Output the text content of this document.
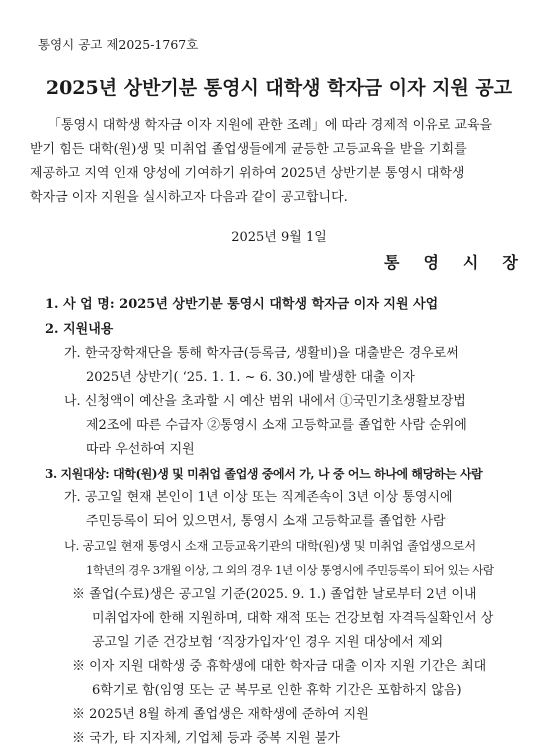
통영시 공고 제2025-1767호
2025년 상반기분 통영시 대학생 학자금 이자 지원 공고
「통영시 대학생 학자금 이자 지원에 관한 조례」에 따라 경제적 이유로 교육을
받기 힘든 대학(원)생 및 미취업 졸업생들에게 균등한 고등교육을 받을 기회를
제공하고 지역 인재 양성에 기여하기 위하여 2025년 상반기분 통영시 대학생
학자금 이자 지원을 실시하고자 다음과 같이 공고합니다.
2025년 9월 1일
통영시장
1. 사 업 명: 2025년 상반기분 통영시 대학생 학자금 이자 지원 사업
2. 지원내용
가. 한국장학재단을 통해 학자금(등록금, 생활비)을 대출받은 경우로써
2025년 상반기( ‘25. 1. 1. ~ 6. 30.)에 발생한 대출 이자
나. 신청액이 예산을 초과할 시 예산 범위 내에서 ①국민기초생활보장법
제2조에 따른 수급자 ②통영시 소재 고등학교를 졸업한 사람 순위에
따라 우선하여 지원
3. 지원대상: 대학(원)생 및 미취업 졸업생 중에서 가, 나 중 어느 하나에 해당하는 사람
가. 공고일 현재 본인이 1년 이상 또는 직계존속이 3년 이상 통영시에
주민등록이 되어 있으면서, 통영시 소재 고등학교를 졸업한 사람
나. 공고일 현재 통영시 소재 고등교육기관의 대학(원)생 및 미취업 졸업생으로서
1학년의 경우 3개월 이상, 그 외의 경우 1년 이상 통영시에 주민등록이 되어 있는 사람
※ 졸업(수료)생은 공고일 기준(2025. 9. 1.) 졸업한 날로부터 2년 이내
미취업자에 한해 지원하며, 대학 재적 또는 건강보험 자격득실확인서 상
공고일 기준 건강보험 ‘직장가입자’인 경우 지원 대상에서 제외
※ 이자 지원 대학생 중 휴학생에 대한 학자금 대출 이자 지원 기간은 최대
6학기로 함(임영 또는 군 복무로 인한 휴학 기간은 포함하지 않음)
※ 2025년 8월 하계 졸업생은 재학생에 준하여 지원
※ 국가, 타 지자체, 기업체 등과 중복 지원 불가
